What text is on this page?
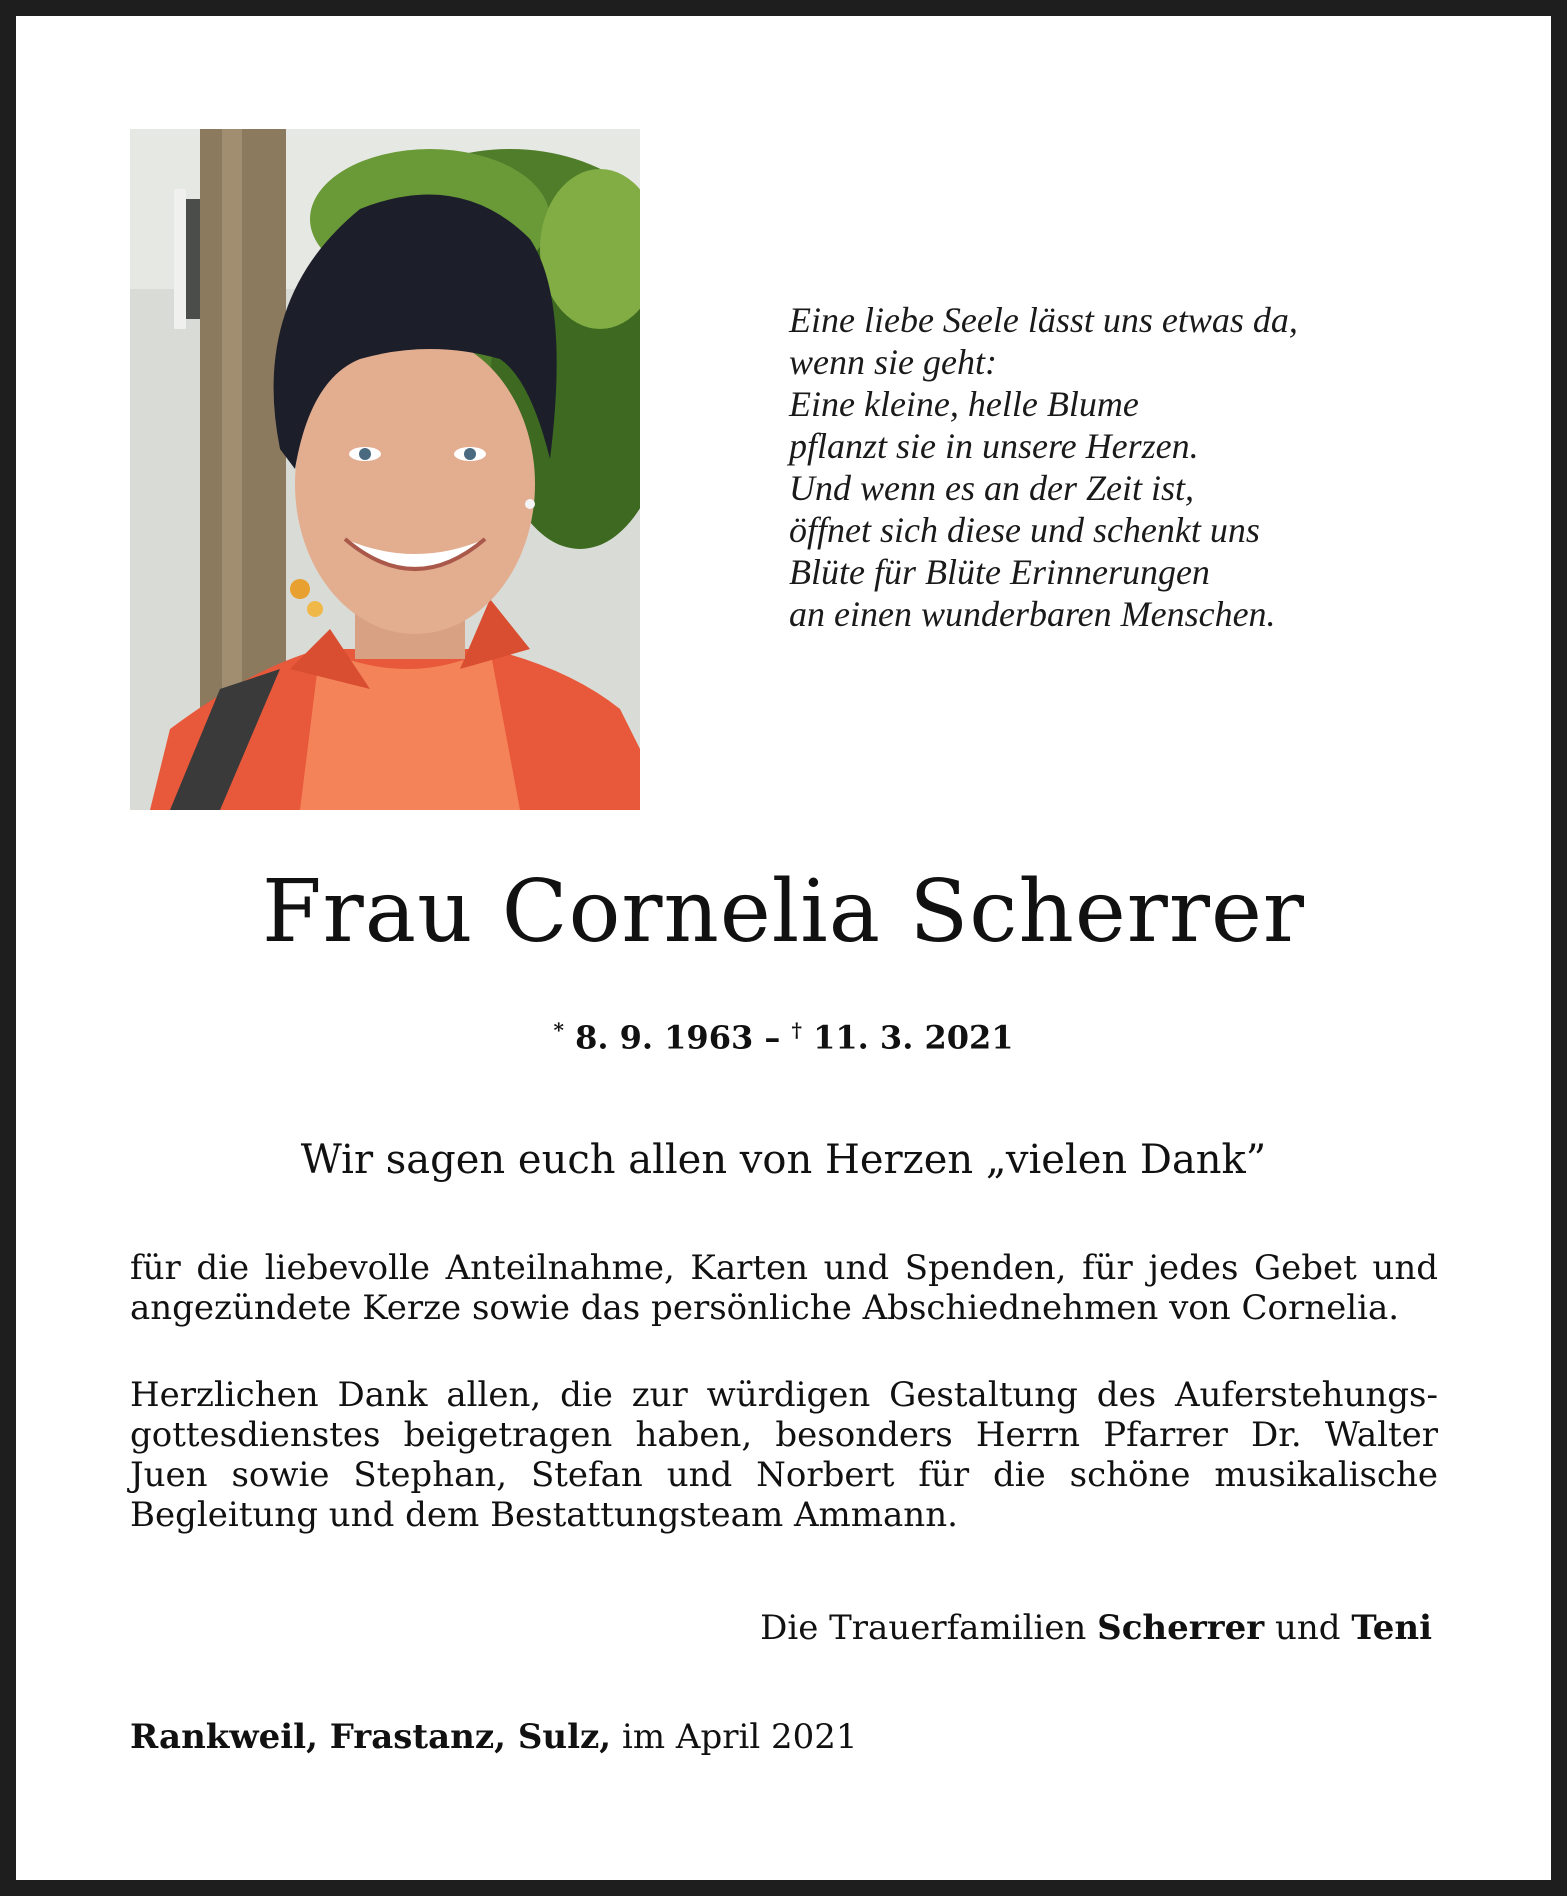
Eine liebe Seele lässt uns etwas da,
wenn sie geht:
Eine kleine, helle Blume
pflanzt sie in unsere Herzen.
Und wenn es an der Zeit ist,
öffnet sich diese und schenkt uns
Blüte für Blüte Erinnerungen
an einen wunderbaren Menschen.
Frau Cornelia Scherrer
* 8. 9. 1963 – † 11. 3. 2021
Wir sagen euch allen von Herzen „vielen Dank”
für die liebevolle Anteilnahme, Karten und Spenden, für jedes Gebet und angezündete Kerze sowie das persönliche Abschiednehmen von Cornelia.
Herzlichen Dank allen, die zur würdigen Gestaltung des Auferstehungs-gottesdienstes beigetragen haben, besonders Herrn Pfarrer Dr. Walter Juen sowie Stephan, Stefan und Norbert für die schöne musikalische Begleitung und dem Bestattungsteam Ammann.
Die Trauerfamilien Scherrer und Teni
Rankweil, Frastanz, Sulz, im April 2021
